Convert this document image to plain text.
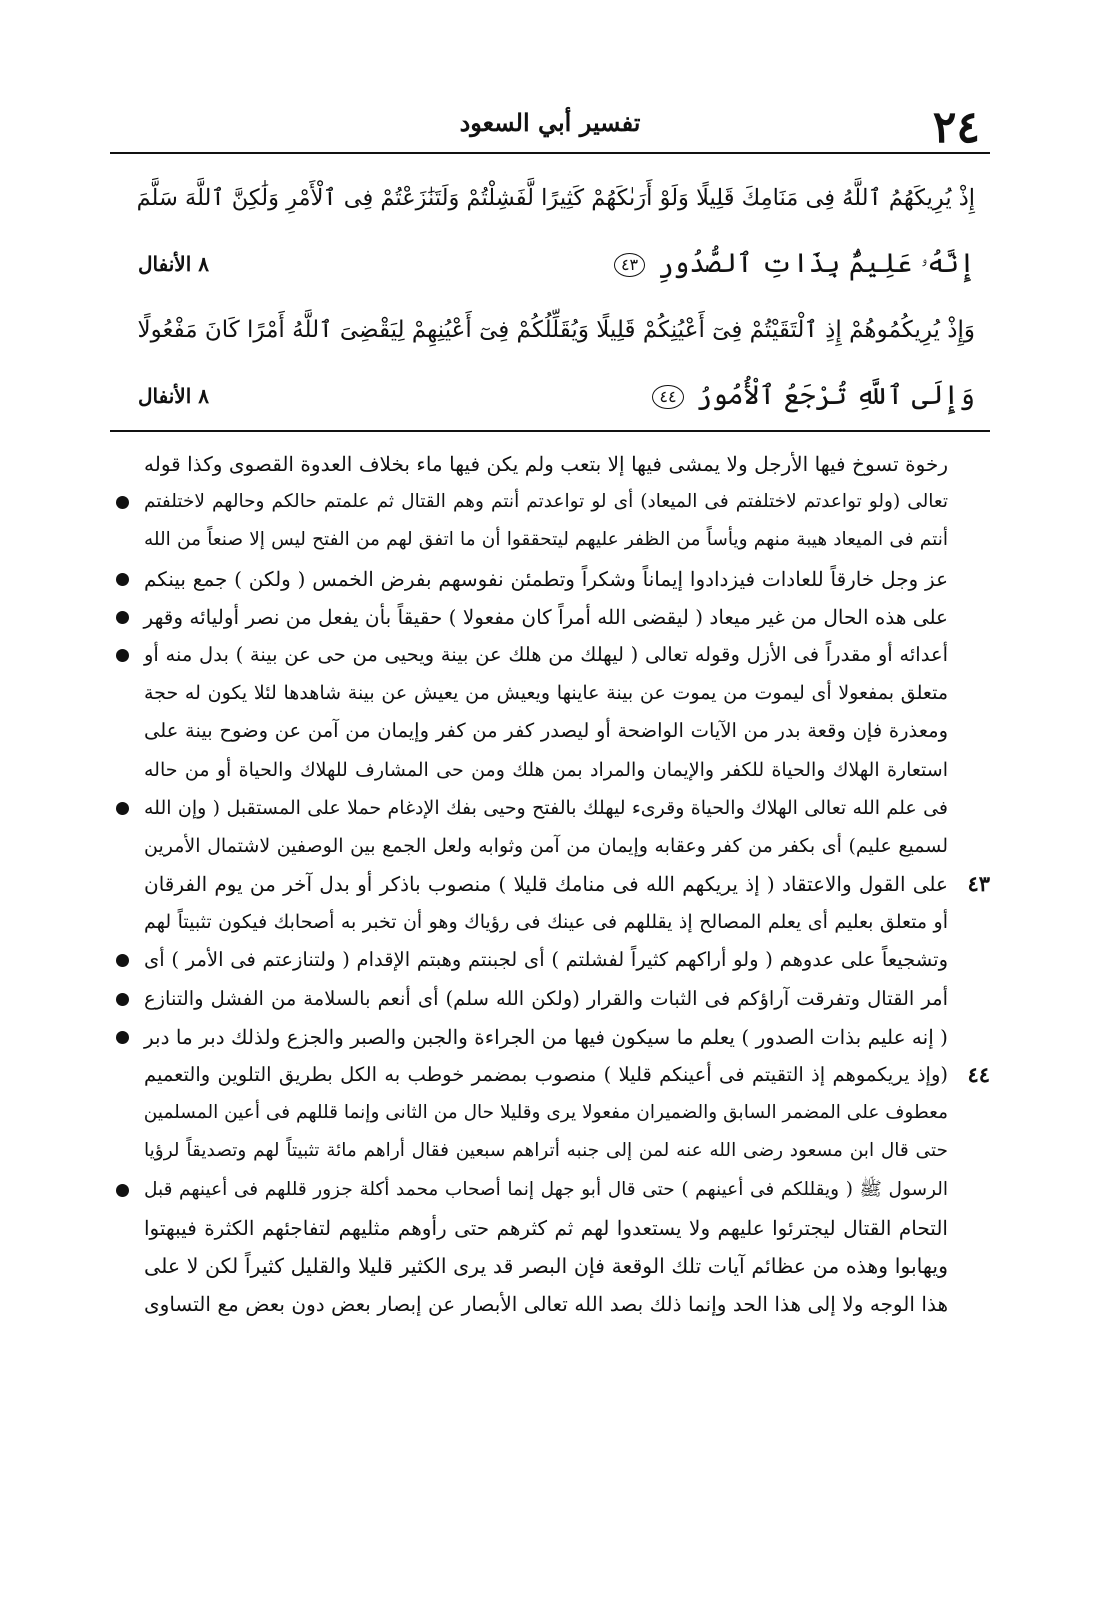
٢٤
تفسير أبي السعود
إِذْ يُرِيكَهُمُ ٱللَّهُ فِى مَنَامِكَ قَلِيلًا وَلَوْ أَرَىٰكَهُمْ كَثِيرًا لَّفَشِلْتُمْ وَلَتَنَٰزَعْتُمْ فِى ٱلْأَمْرِ وَلَٰكِنَّ ٱللَّهَ سَلَّمَ
إِنَّهُۥ عَلِيمٌۢ بِذَاتِ ٱلصُّدُورِ ٤٣
٨ الأنفال
وَإِذْ يُرِيكُمُوهُمْ إِذِ ٱلْتَقَيْتُمْ فِىٓ أَعْيُنِكُمْ قَلِيلًا وَيُقَلِّلُكُمْ فِىٓ أَعْيُنِهِمْ لِيَقْضِىَ ٱللَّهُ أَمْرًا كَانَ مَفْعُولًا
وَإِلَى ٱللَّهِ تُرْجَعُ ٱلْأُمُورُ ٤٤
٨ الأنفال
رخوة تسوخ فيها الأرجل ولا يمشى فيها إلا بتعب ولم يكن فيها ماء بخلاف العدوة القصوى وكذا قوله
تعالى (ولو تواعدتم لاختلفتم فى الميعاد) أى لو تواعدتم أنتم وهم القتال ثم علمتم حالكم وحالهم لاختلفتم
أنتم فى الميعاد هيبة منهم ويأساً من الظفر عليهم ليتحققوا أن ما اتفق لهم من الفتح ليس إلا صنعاً من الله
عز وجل خارقاً للعادات فيزدادوا إيماناً وشكراً وتطمئن نفوسهم بفرض الخمس ( ولكن ) جمع بينكم
على هذه الحال من غير ميعاد ( ليقضى الله أمراً كان مفعولا ) حقيقاً بأن يفعل من نصر أوليائه وقهر
أعدائه أو مقدراً فى الأزل وقوله تعالى ( ليهلك من هلك عن بينة ويحيى من حى عن بينة ) بدل منه أو
متعلق بمفعولا أى ليموت من يموت عن بينة عاينها ويعيش من يعيش عن بينة شاهدها لئلا يكون له حجة
ومعذرة فإن وقعة بدر من الآيات الواضحة أو ليصدر كفر من كفر وإيمان من آمن عن وضوح بينة على
استعارة الهلاك والحياة للكفر والإيمان والمراد بمن هلك ومن حى المشارف للهلاك والحياة أو من حاله
فى علم الله تعالى الهلاك والحياة وقرىء ليهلك بالفتح وحيى بفك الإدغام حملا على المستقبل ( وإن الله
لسميع عليم) أى بكفر من كفر وعقابه وإيمان من آمن وثوابه ولعل الجمع بين الوصفين لاشتمال الأمرين
٤٣
على القول والاعتقاد ( إذ يريكهم الله فى منامك قليلا ) منصوب باذكر أو بدل آخر من يوم الفرقان
أو متعلق بعليم أى يعلم المصالح إذ يقللهم فى عينك فى رؤياك وهو أن تخبر به أصحابك فيكون تثبيتاً لهم
وتشجيعاً على عدوهم ( ولو أراكهم كثيراً لفشلتم ) أى لجبنتم وهبتم الإقدام ( ولتنازعتم فى الأمر ) أى
أمر القتال وتفرقت آراؤكم فى الثبات والقرار (ولكن الله سلم) أى أنعم بالسلامة من الفشل والتنازع
( إنه عليم بذات الصدور ) يعلم ما سيكون فيها من الجراءة والجبن والصبر والجزع ولذلك دبر ما دبر
٤٤
(وإذ يريكموهم إذ التقيتم فى أعينكم قليلا ) منصوب بمضمر خوطب به الكل بطريق التلوين والتعميم
معطوف على المضمر السابق والضميران مفعولا يرى وقليلا حال من الثانى وإنما قللهم فى أعين المسلمين
حتى قال ابن مسعود رضى الله عنه لمن إلى جنبه أتراهم سبعين فقال أراهم مائة تثبيتاً لهم وتصديقاً لرؤيا
الرسول ﷺ ( ويقللكم فى أعينهم ) حتى قال أبو جهل إنما أصحاب محمد أكلة جزور قللهم فى أعينهم قبل
التحام القتال ليجترئوا عليهم ولا يستعدوا لهم ثم كثرهم حتى رأوهم مثليهم لتفاجئهم الكثرة فيبهتوا
ويهابوا وهذه من عظائم آيات تلك الوقعة فإن البصر قد يرى الكثير قليلا والقليل كثيراً لكن لا على
هذا الوجه ولا إلى هذا الحد وإنما ذلك بصد الله تعالى الأبصار عن إبصار بعض دون بعض مع التساوى
